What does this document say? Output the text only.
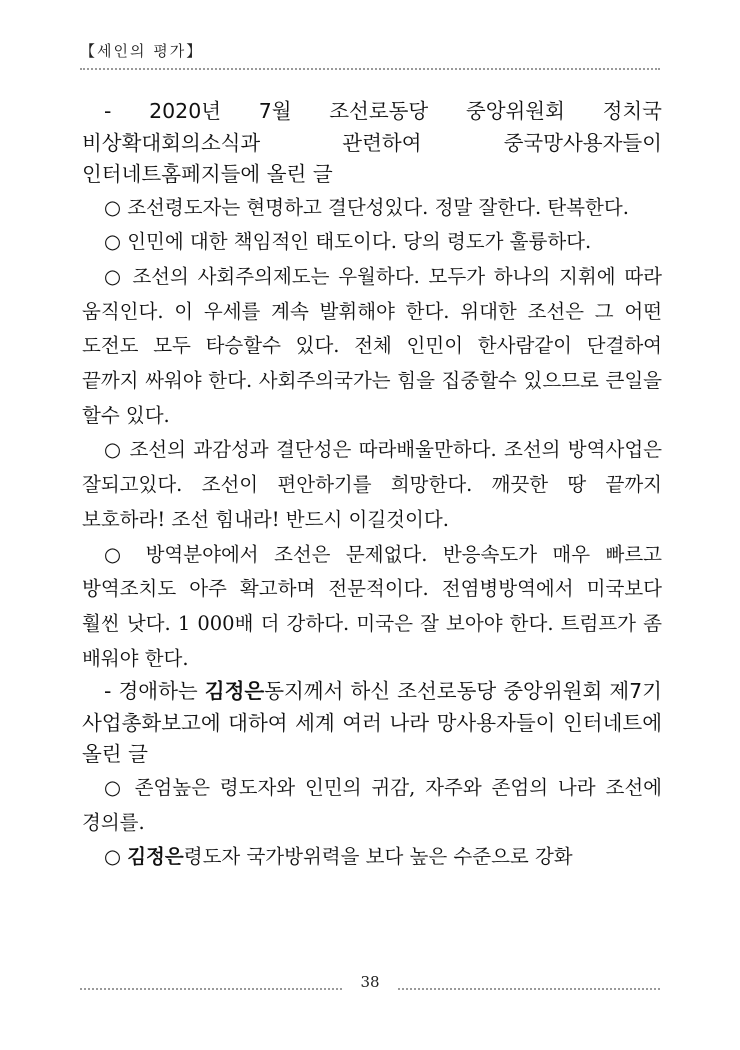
【세인의 평가】

- 2020년 7월 조선로동당 중앙위원회 정치국 비상확대회의소식과 관련하여 중국망사용자들이 인터네트홈페지들에 올린 글

○ 조선령도자는 현명하고 결단성있다. 정말 잘한다. 탄복한다.

○ 인민에 대한 책임적인 태도이다. 당의 령도가 훌륭하다.

○ 조선의 사회주의제도는 우월하다. 모두가 하나의 지휘에 따라 움직인다. 이 우세를 계속 발휘해야 한다. 위대한 조선은 그 어떤 도전도 모두 타승할수 있다. 전체 인민이 한사람같이 단결하여 끝까지 싸워야 한다. 사회주의국가는 힘을 집중할수 있으므로 큰일을 할수 있다.

○ 조선의 과감성과 결단성은 따라배울만하다. 조선의 방역사업은 잘되고있다. 조선이 편안하기를 희망한다. 깨끗한 땅 끝까지 보호하라! 조선 힘내라! 반드시 이길것이다.

○ 방역분야에서 조선은 문제없다. 반응속도가 매우 빠르고 방역조치도 아주 확고하며 전문적이다. 전염병방역에서 미국보다 훨씬 낫다. 1 000배 더 강하다. 미국은 잘 보아야 한다. 트럼프가 좀 배워야 한다.

- 경애하는 김정은동지께서 하신 조선로동당 중앙위원회 제7기 사업총화보고에 대하여 세계 여러 나라 망사용자들이 인터네트에 올린 글

○ 존엄높은 령도자와 인민의 귀감, 자주와 존엄의 나라 조선에 경의를.

○ 김정은령도자 국가방위력을 보다 높은 수준으로 강화

38
